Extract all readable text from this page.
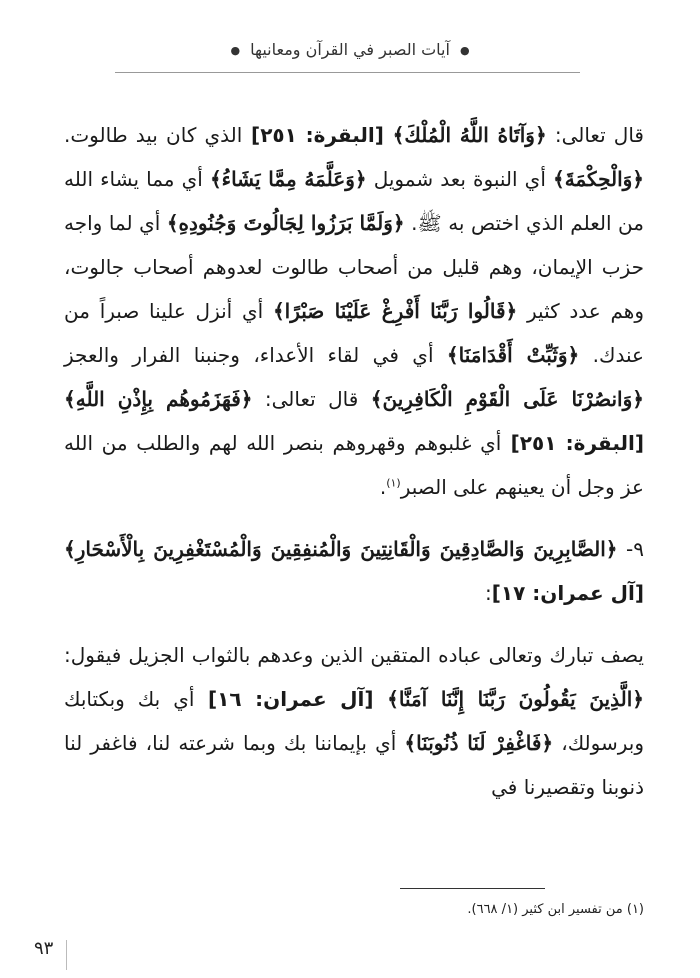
●آيات الصبر في القرآن ومعانيها●

قال تعالى: ﴿وَآتَاهُ اللَّهُ الْمُلْكَ﴾ [البقرة: ٢٥١] الذي كان بيد طالوت. ﴿وَالْحِكْمَةَ﴾ أي النبوة بعد شمويل ﴿وَعَلَّمَهُ مِمَّا يَشَاءُ﴾ أي مما يشاء الله من العلم الذي اختص به ﷺ. ﴿وَلَمَّا بَرَزُوا لِجَالُوتَ وَجُنُودِهِ﴾ أي لما واجه حزب الإيمان، وهم قليل من أصحاب طالوت لعدوهم أصحاب جالوت، وهم عدد كثير ﴿قَالُوا رَبَّنَا أَفْرِغْ عَلَيْنَا صَبْرًا﴾ أي أنزل علينا صبراً من عندك. ﴿وَثَبِّتْ أَقْدَامَنَا﴾ أي في لقاء الأعداء، وجنبنا الفرار والعجز ﴿وَانصُرْنَا عَلَى الْقَوْمِ الْكَافِرِينَ﴾ قال تعالى: ﴿فَهَزَمُوهُم بِإِذْنِ اللَّهِ﴾ [البقرة: ٢٥١] أي غلبوهم وقهروهم بنصر الله لهم والطلب من الله عز وجل أن يعينهم على الصبر$^{(١)}$.

٩- ﴿الصَّابِرِينَ وَالصَّادِقِينَ وَالْقَانِتِينَ وَالْمُنفِقِينَ وَالْمُسْتَغْفِرِينَ بِالْأَسْحَارِ﴾ [آل عمران: ١٧]:

يصف تبارك وتعالى عباده المتقين الذين وعدهم بالثواب الجزيل فيقول: ﴿الَّذِينَ يَقُولُونَ رَبَّنَا إِنَّنَا آمَنَّا﴾ [آل عمران: ١٦] أي بك وبكتابك وبرسولك، ﴿فَاغْفِرْ لَنَا ذُنُوبَنَا﴾ أي بإيماننا بك وبما شرعته لنا، فاغفر لنا ذنوبنا وتقصيرنا في

(١) من تفسير ابن كثير (١/ ٦٦٨).
٩٣
